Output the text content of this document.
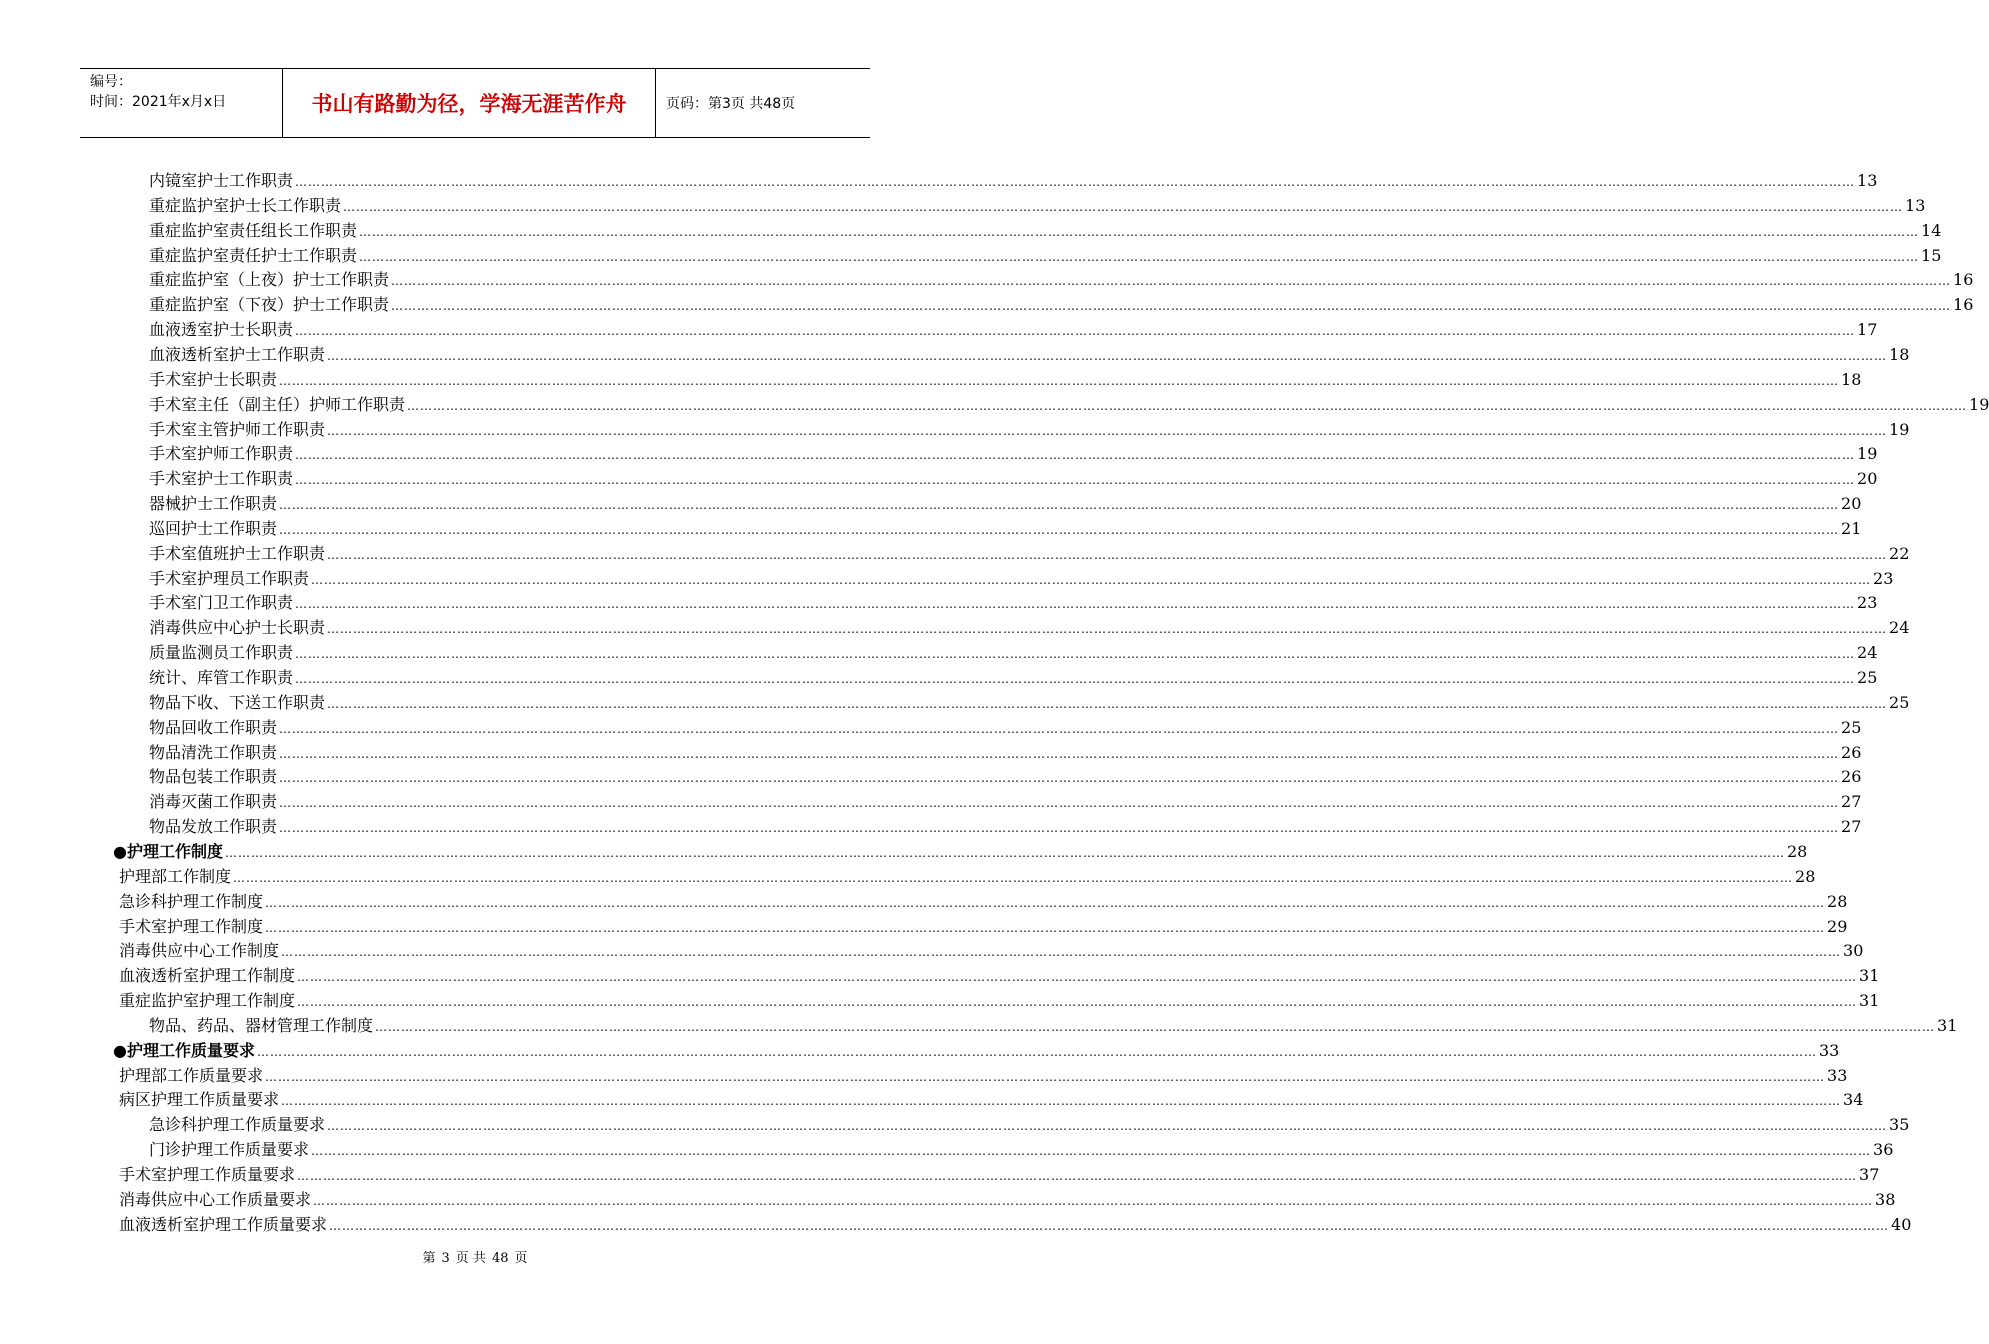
编号：
时间：2021年x月x日	书山有路勤为径，学海无涯苦作舟	页码：第3页 共48页
内镜室护士工作职责 ……………………………………………………………………………………………………………………………………………………………………………………………………………………………………………………………………………………………………………………………… 13
重症监护室护士长工作职责 ……………………………………………………………………………………………………………………………………………………………………………………………………………………………………………………………………………………………………………………………… 13
重症监护室责任组长工作职责 ……………………………………………………………………………………………………………………………………………………………………………………………………………………………………………………………………………………………………………………………… 14
重症监护室责任护士工作职责 ……………………………………………………………………………………………………………………………………………………………………………………………………………………………………………………………………………………………………………………………… 15
重症监护室（上夜）护士工作职责 ……………………………………………………………………………………………………………………………………………………………………………………………………………………………………………………………………………………………………………………………… 16
重症监护室（下夜）护士工作职责 ……………………………………………………………………………………………………………………………………………………………………………………………………………………………………………………………………………………………………………………………… 16
血液透室护士长职责 ……………………………………………………………………………………………………………………………………………………………………………………………………………………………………………………………………………………………………………………………… 17
血液透析室护士工作职责 ……………………………………………………………………………………………………………………………………………………………………………………………………………………………………………………………………………………………………………………………… 18
手术室护士长职责 ……………………………………………………………………………………………………………………………………………………………………………………………………………………………………………………………………………………………………………………………… 18
手术室主任（副主任）护师工作职责 ……………………………………………………………………………………………………………………………………………………………………………………………………………………………………………………………………………………………………………………………… 19
手术室主管护师工作职责 ……………………………………………………………………………………………………………………………………………………………………………………………………………………………………………………………………………………………………………………………… 19
手术室护师工作职责 ……………………………………………………………………………………………………………………………………………………………………………………………………………………………………………………………………………………………………………………………… 19
手术室护士工作职责 ……………………………………………………………………………………………………………………………………………………………………………………………………………………………………………………………………………………………………………………………… 20
器械护士工作职责 ……………………………………………………………………………………………………………………………………………………………………………………………………………………………………………………………………………………………………………………………… 20
巡回护士工作职责 ……………………………………………………………………………………………………………………………………………………………………………………………………………………………………………………………………………………………………………………………… 21
手术室值班护士工作职责 ……………………………………………………………………………………………………………………………………………………………………………………………………………………………………………………………………………………………………………………………… 22
手术室护理员工作职责 ……………………………………………………………………………………………………………………………………………………………………………………………………………………………………………………………………………………………………………………………… 23
手术室门卫工作职责 ……………………………………………………………………………………………………………………………………………………………………………………………………………………………………………………………………………………………………………………………… 23
消毒供应中心护士长职责 ……………………………………………………………………………………………………………………………………………………………………………………………………………………………………………………………………………………………………………………………… 24
质量监测员工作职责 ……………………………………………………………………………………………………………………………………………………………………………………………………………………………………………………………………………………………………………………………… 24
统计、库管工作职责 ……………………………………………………………………………………………………………………………………………………………………………………………………………………………………………………………………………………………………………………………… 25
物品下收、下送工作职责 ……………………………………………………………………………………………………………………………………………………………………………………………………………………………………………………………………………………………………………………………… 25
物品回收工作职责 ……………………………………………………………………………………………………………………………………………………………………………………………………………………………………………………………………………………………………………………………… 25
物品清洗工作职责 ……………………………………………………………………………………………………………………………………………………………………………………………………………………………………………………………………………………………………………………………… 26
物品包装工作职责 ……………………………………………………………………………………………………………………………………………………………………………………………………………………………………………………………………………………………………………………………… 26
消毒灭菌工作职责 ……………………………………………………………………………………………………………………………………………………………………………………………………………………………………………………………………………………………………………………………… 27
物品发放工作职责 ……………………………………………………………………………………………………………………………………………………………………………………………………………………………………………………………………………………………………………………………… 27
●护理工作制度 ……………………………………………………………………………………………………………………………………………………………………………………………………………………………………………………………………………………………………………………………… 28
护理部工作制度 ……………………………………………………………………………………………………………………………………………………………………………………………………………………………………………………………………………………………………………………………… 28
急诊科护理工作制度 ……………………………………………………………………………………………………………………………………………………………………………………………………………………………………………………………………………………………………………………………… 28
手术室护理工作制度 ……………………………………………………………………………………………………………………………………………………………………………………………………………………………………………………………………………………………………………………………… 29
消毒供应中心工作制度 ……………………………………………………………………………………………………………………………………………………………………………………………………………………………………………………………………………………………………………………………… 30
血液透析室护理工作制度 ……………………………………………………………………………………………………………………………………………………………………………………………………………………………………………………………………………………………………………………………… 31
重症监护室护理工作制度 ……………………………………………………………………………………………………………………………………………………………………………………………………………………………………………………………………………………………………………………………… 31
物品、药品、器材管理工作制度 ……………………………………………………………………………………………………………………………………………………………………………………………………………………………………………………………………………………………………………………………… 31
●护理工作质量要求 ……………………………………………………………………………………………………………………………………………………………………………………………………………………………………………………………………………………………………………………………… 33
护理部工作质量要求 ……………………………………………………………………………………………………………………………………………………………………………………………………………………………………………………………………………………………………………………………… 33
病区护理工作质量要求 ……………………………………………………………………………………………………………………………………………………………………………………………………………………………………………………………………………………………………………………………… 34
急诊科护理工作质量要求 ……………………………………………………………………………………………………………………………………………………………………………………………………………………………………………………………………………………………………………………………… 35
门诊护理工作质量要求 ……………………………………………………………………………………………………………………………………………………………………………………………………………………………………………………………………………………………………………………………… 36
手术室护理工作质量要求 ……………………………………………………………………………………………………………………………………………………………………………………………………………………………………………………………………………………………………………………………… 37
消毒供应中心工作质量要求 ……………………………………………………………………………………………………………………………………………………………………………………………………………………………………………………………………………………………………………………………… 38
血液透析室护理工作质量要求 ……………………………………………………………………………………………………………………………………………………………………………………………………………………………………………………………………………………………………………………………… 40
第 3 页 共 48 页
